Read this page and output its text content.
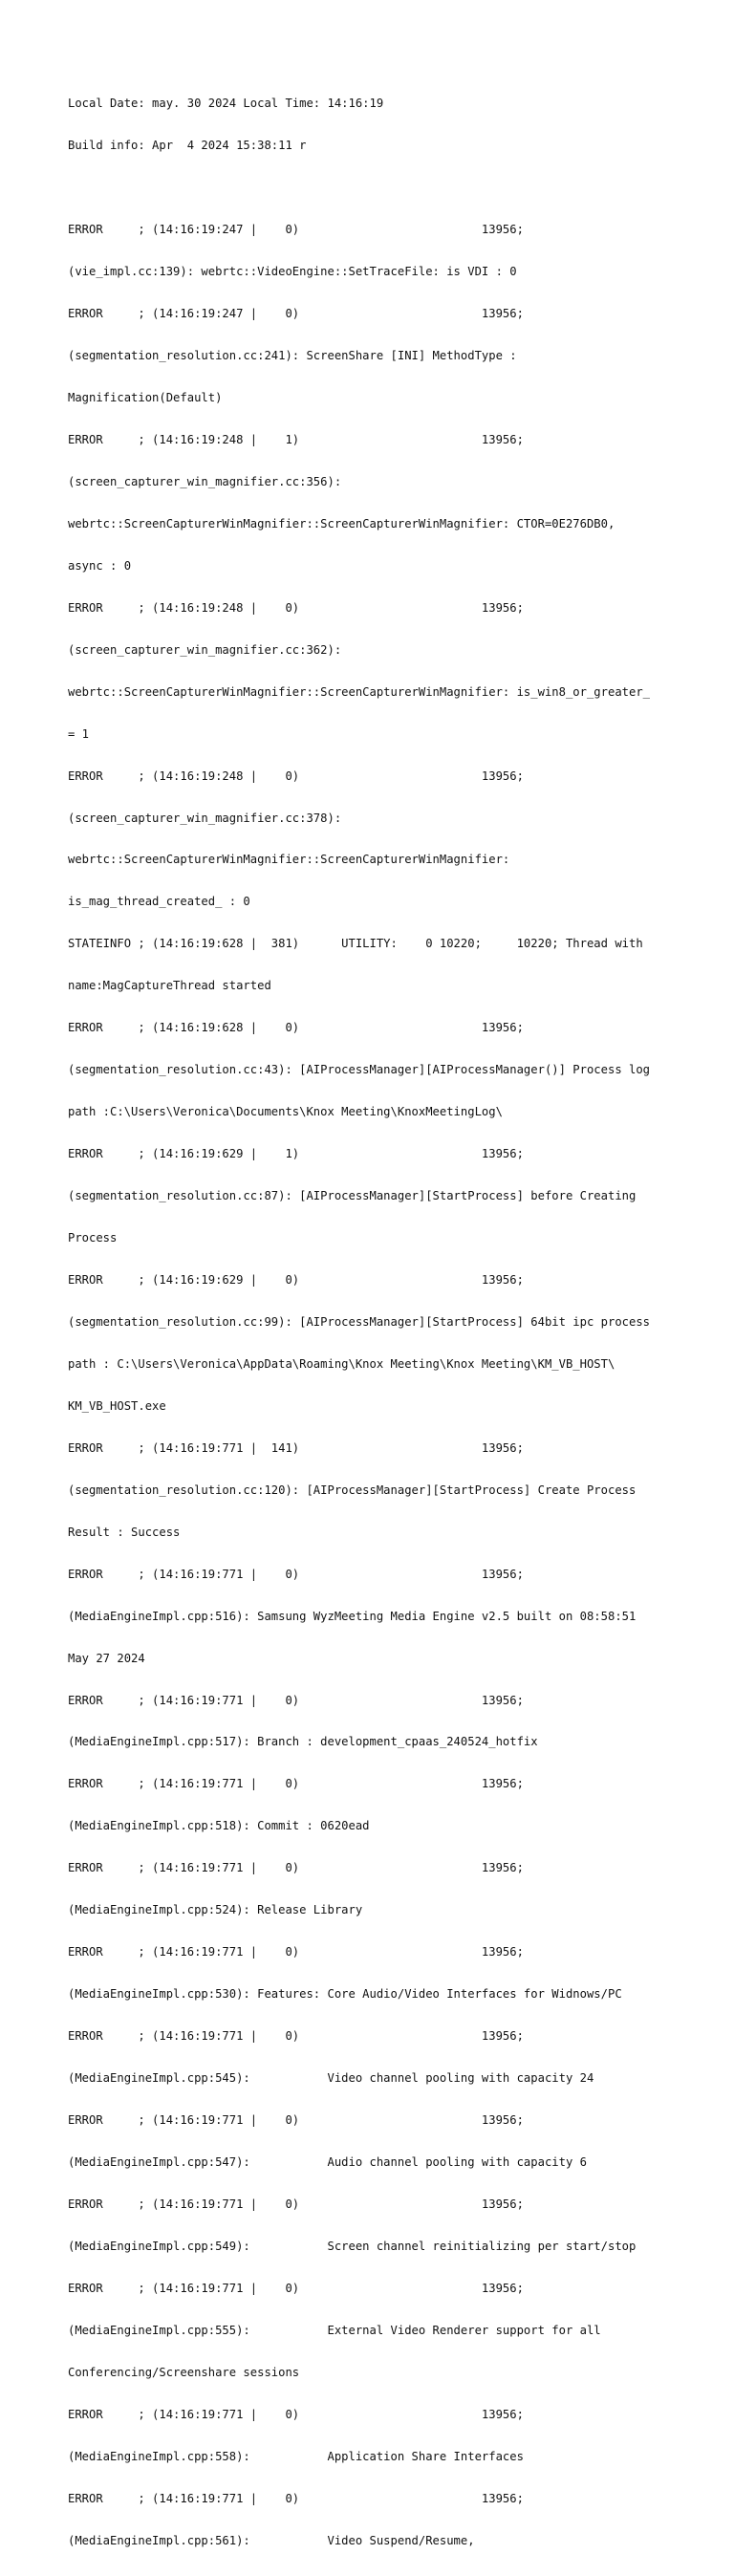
Local Date: may. 30 2024 Local Time: 14:16:19

Build info: Apr  4 2024 15:38:11 r

ERROR     ; (14:16:19:247 |    0)                          13956;

(vie_impl.cc:139): webrtc::VideoEngine::SetTraceFile: is VDI : 0

ERROR     ; (14:16:19:247 |    0)                          13956;

(segmentation_resolution.cc:241): ScreenShare [INI] MethodType :

Magnification(Default)

ERROR     ; (14:16:19:248 |    1)                          13956;

(screen_capturer_win_magnifier.cc:356):

webrtc::ScreenCapturerWinMagnifier::ScreenCapturerWinMagnifier: CTOR=0E276DB0,

async : 0

ERROR     ; (14:16:19:248 |    0)                          13956;

(screen_capturer_win_magnifier.cc:362):

webrtc::ScreenCapturerWinMagnifier::ScreenCapturerWinMagnifier: is_win8_or_greater_

= 1

ERROR     ; (14:16:19:248 |    0)                          13956;

(screen_capturer_win_magnifier.cc:378):

webrtc::ScreenCapturerWinMagnifier::ScreenCapturerWinMagnifier:

is_mag_thread_created_ : 0

STATEINFO ; (14:16:19:628 |  381)      UTILITY:    0 10220;     10220; Thread with

name:MagCaptureThread started

ERROR     ; (14:16:19:628 |    0)                          13956;

(segmentation_resolution.cc:43): [AIProcessManager][AIProcessManager()] Process log

path :C:\Users\Veronica\Documents\Knox Meeting\KnoxMeetingLog\

ERROR     ; (14:16:19:629 |    1)                          13956;

(segmentation_resolution.cc:87): [AIProcessManager][StartProcess] before Creating

Process

ERROR     ; (14:16:19:629 |    0)                          13956;

(segmentation_resolution.cc:99): [AIProcessManager][StartProcess] 64bit ipc process

path : C:\Users\Veronica\AppData\Roaming\Knox Meeting\Knox Meeting\KM_VB_HOST\

KM_VB_HOST.exe

ERROR     ; (14:16:19:771 |  141)                          13956;

(segmentation_resolution.cc:120): [AIProcessManager][StartProcess] Create Process

Result : Success

ERROR     ; (14:16:19:771 |    0)                          13956;

(MediaEngineImpl.cpp:516): Samsung WyzMeeting Media Engine v2.5 built on 08:58:51

May 27 2024

ERROR     ; (14:16:19:771 |    0)                          13956;

(MediaEngineImpl.cpp:517): Branch : development_cpaas_240524_hotfix

ERROR     ; (14:16:19:771 |    0)                          13956;

(MediaEngineImpl.cpp:518): Commit : 0620ead

ERROR     ; (14:16:19:771 |    0)                          13956;

(MediaEngineImpl.cpp:524): Release Library

ERROR     ; (14:16:19:771 |    0)                          13956;

(MediaEngineImpl.cpp:530): Features: Core Audio/Video Interfaces for Widnows/PC

ERROR     ; (14:16:19:771 |    0)                          13956;

(MediaEngineImpl.cpp:545):           Video channel pooling with capacity 24

ERROR     ; (14:16:19:771 |    0)                          13956;

(MediaEngineImpl.cpp:547):           Audio channel pooling with capacity 6

ERROR     ; (14:16:19:771 |    0)                          13956;

(MediaEngineImpl.cpp:549):           Screen channel reinitializing per start/stop

ERROR     ; (14:16:19:771 |    0)                          13956;

(MediaEngineImpl.cpp:555):           External Video Renderer support for all

Conferencing/Screenshare sessions

ERROR     ; (14:16:19:771 |    0)                          13956;

(MediaEngineImpl.cpp:558):           Application Share Interfaces

ERROR     ; (14:16:19:771 |    0)                          13956;

(MediaEngineImpl.cpp:561):           Video Suspend/Resume,
